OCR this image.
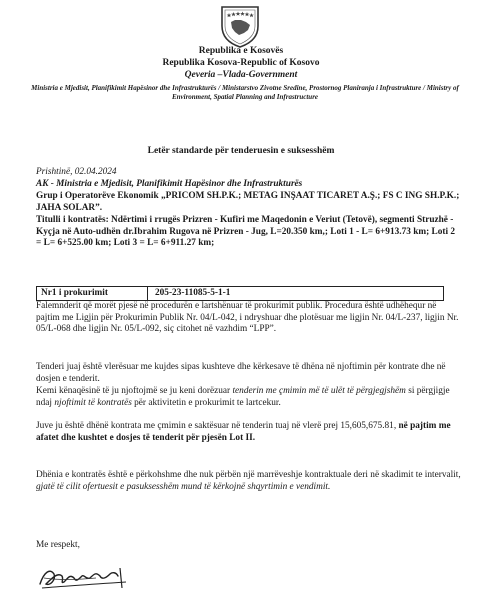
Republika e Kosovës
Republika Kosova-Republic of Kosovo
Qeveria –Vlada-Government
Ministria e Mjedisit, Planifikimit Hapësinor dhe Infrastrukturës / Ministarstvo Zivotne Sredine, Prostornog Planiranja i Infrastrukture / Ministry of Environment, Spatial Planning and Infrastructure
Letër standarde për tenderuesin e suksesshëm
Prishtinë, 02.04.2024
AK - Ministria e Mjedisit, Planifikimit Hapësinor dhe Infrastrukturës
Grup i Operatorëve Ekonomik „PRICOM SH.P.K.; METAG INŞAAT TICARET A.Ş.; FS C ING SH.P.K.; JAHA SOLAR”.
Titulli i kontratës: Ndërtimi i rrugës Prizren - Kufiri me Maqedonin e Veriut (Tetovë), segmenti Struzhë - Kyçja në Auto-udhën dr.Ibrahim Rugova në Prizren - Jug, L=20.350 km,; Loti 1 - L= 6+913.73 km; Loti 2 = L= 6+525.00 km; Loti 3 = L= 6+911.27 km;
Nr1 i prokurimit	205-23-11085-5-1-1
Falemnderit që morët pjesë në procedurën e lartshënuar të prokurimit publik. Procedura është udhëhequr në pajtim me Ligjin për Prokurimin Publik Nr. 04/L-042, i ndryshuar dhe plotësuar me ligjin Nr. 04/L-237, ligjin Nr. 05/L-068 dhe ligjin Nr. 05/L-092, siç citohet në vazhdim “LPP”.
Tenderi juaj është vlerësuar me kujdes sipas kushteve dhe kërkesave të dhëna në njoftimin për kontrate dhe në dosjen e tenderit.
Kemi kënaqësinë të ju njoftojmë se ju keni dorëzuar tenderin me çmimin më të ulët të përgjegjshëm si përgjigje ndaj njoftimit të kontratës për aktivitetin e prokurimit te lartcekur.
Juve ju është dhënë kontrata me çmimin e saktësuar në tenderin tuaj në vlerë prej 15,605,675.81, në pajtim me afatet dhe kushtet e dosjes të tenderit për pjesën Lot II.
Dhënia e kontratës është e përkohshme dhe nuk përbën një marrëveshje kontraktuale deri në skadimit te intervalit, gjatë të cilit ofertuesit e pasuksesshëm mund të kërkojnë shqyrtimin e vendimit.
Me respekt,
